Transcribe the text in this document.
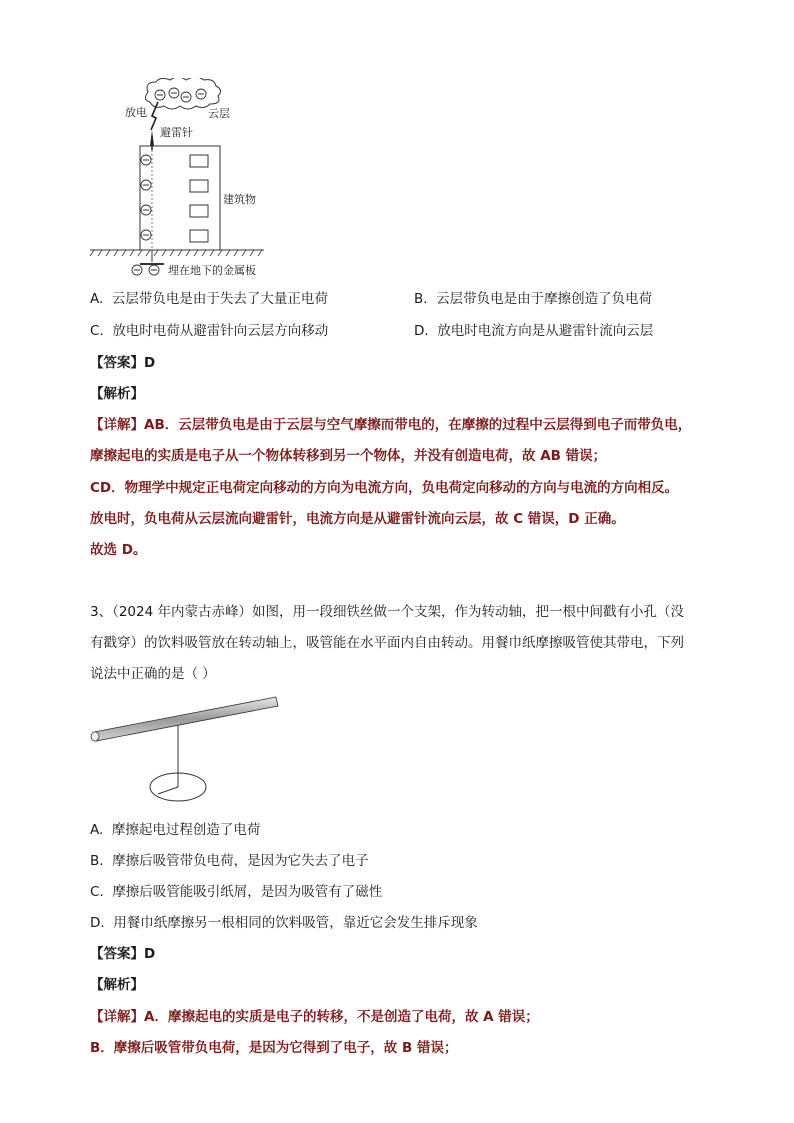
放电	云层
避雷针
建筑物
埋在地下的金属板
A. 云层带负电是由于失去了大量正电荷	B. 云层带负电是由于摩擦创造了负电荷
C. 放电时电荷从避雷针向云层方向移动	D. 放电时电流方向是从避雷针流向云层
【答案】D
【解析】
【详解】AB．云层带负电是由于云层与空气摩擦而带电的，在摩擦的过程中云层得到电子而带负电，
摩擦起电的实质是电子从一个物体转移到另一个物体，并没有创造电荷，故 AB 错误；
CD．物理学中规定正电荷定向移动的方向为电流方向，负电荷定向移动的方向与电流的方向相反。
放电时，负电荷从云层流向避雷针，电流方向是从避雷针流向云层，故 C 错误，D 正确。
故选 D。
3、（2024 年内蒙古赤峰）如图，用一段细铁丝做一个支架，作为转动轴，把一根中间戳有小孔（没
有戳穿）的饮料吸管放在转动轴上，吸管能在水平面内自由转动。用餐巾纸摩擦吸管使其带电，下列
说法中正确的是（ ）
A. 摩擦起电过程创造了电荷
B. 摩擦后吸管带负电荷，是因为它失去了电子
C. 摩擦后吸管能吸引纸屑，是因为吸管有了磁性
D. 用餐巾纸摩擦另一根相同的饮料吸管，靠近它会发生排斥现象
【答案】D
【解析】
【详解】A．摩擦起电的实质是电子的转移，不是创造了电荷，故 A 错误；
B．摩擦后吸管带负电荷，是因为它得到了电子，故 B 错误；
